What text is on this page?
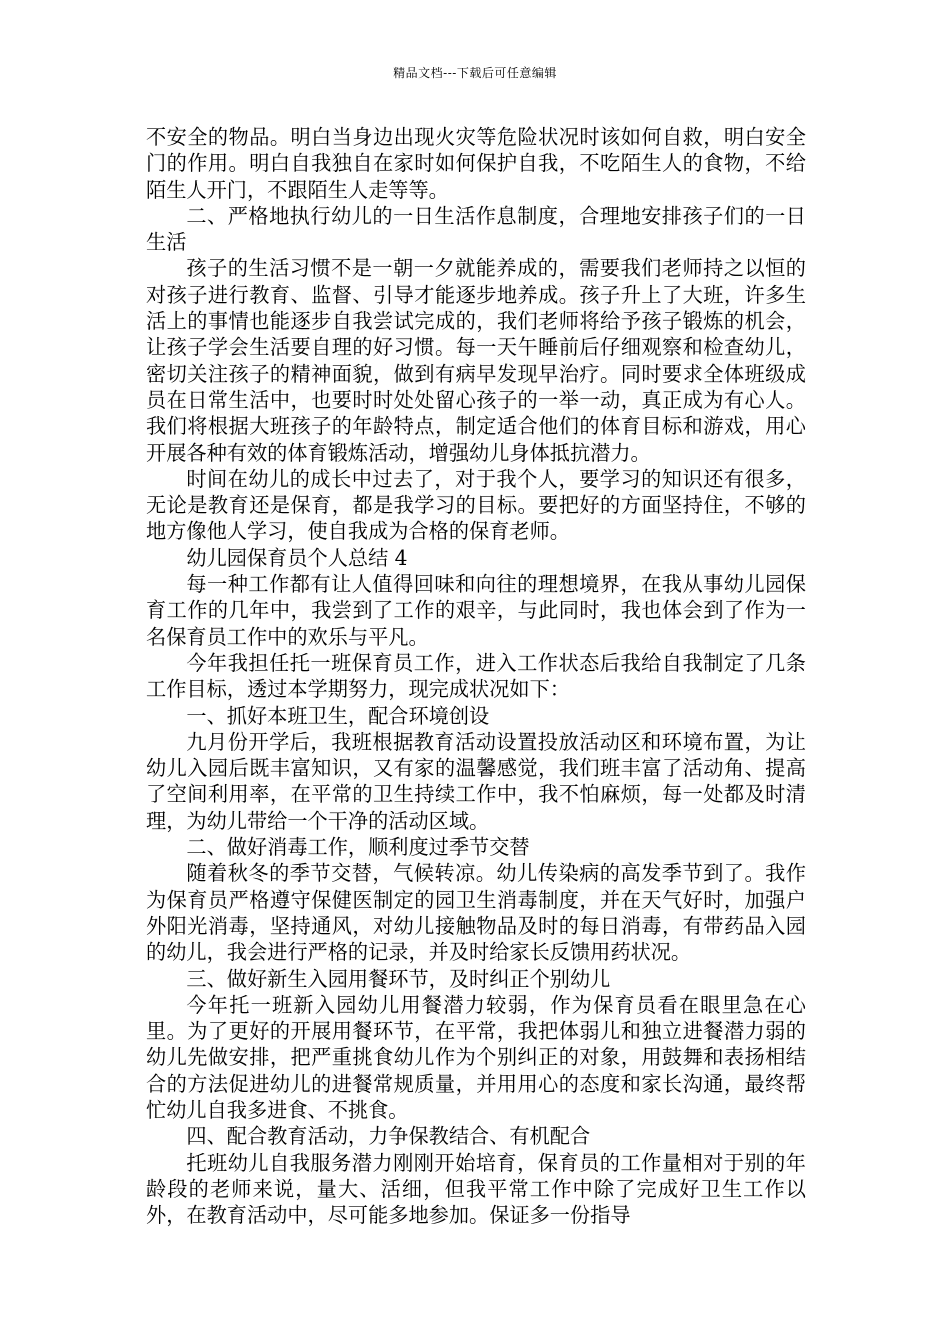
精品文档---下载后可任意编辑

不安全的物品。明白当身边出现火灾等危险状况时该如何自救，明白安全门的作用。明白自我独自在家时如何保护自我，不吃陌生人的食物，不给陌生人开门，不跟陌生人走等等。

二、严格地执行幼儿的一日生活作息制度，合理地安排孩子们的一日生活

孩子的生活习惯不是一朝一夕就能养成的，需要我们老师持之以恒的对孩子进行教育、监督、引导才能逐步地养成。孩子升上了大班，许多生活上的事情也能逐步自我尝试完成的，我们老师将给予孩子锻炼的机会，让孩子学会生活要自理的好习惯。每一天午睡前后仔细观察和检查幼儿，密切关注孩子的精神面貌，做到有病早发现早治疗。同时要求全体班级成员在日常生活中，也要时时处处留心孩子的一举一动，真正成为有心人。我们将根据大班孩子的年龄特点，制定适合他们的体育目标和游戏，用心开展各种有效的体育锻炼活动，增强幼儿身体抵抗潜力。

时间在幼儿的成长中过去了，对于我个人，要学习的知识还有很多，无论是教育还是保育，都是我学习的目标。要把好的方面坚持住，不够的地方像他人学习，使自我成为合格的保育老师。

幼儿园保育员个人总结 4

每一种工作都有让人值得回味和向往的理想境界，在我从事幼儿园保育工作的几年中，我尝到了工作的艰辛，与此同时，我也体会到了作为一名保育员工作中的欢乐与平凡。

今年我担任托一班保育员工作，进入工作状态后我给自我制定了几条工作目标，透过本学期努力，现完成状况如下：

一、抓好本班卫生，配合环境创设

九月份开学后，我班根据教育活动设置投放活动区和环境布置，为让幼儿入园后既丰富知识，又有家的温馨感觉，我们班丰富了活动角、提高了空间利用率，在平常的卫生持续工作中，我不怕麻烦，每一处都及时清理，为幼儿带给一个干净的活动区域。

二、做好消毒工作，顺利度过季节交替

随着秋冬的季节交替，气候转凉。幼儿传染病的高发季节到了。我作为保育员严格遵守保健医制定的园卫生消毒制度，并在天气好时，加强户外阳光消毒，坚持通风，对幼儿接触物品及时的每日消毒，有带药品入园的幼儿，我会进行严格的记录，并及时给家长反馈用药状况。

三、做好新生入园用餐环节，及时纠正个别幼儿

今年托一班新入园幼儿用餐潜力较弱，作为保育员看在眼里急在心里。为了更好的开展用餐环节，在平常，我把体弱儿和独立进餐潜力弱的幼儿先做安排，把严重挑食幼儿作为个别纠正的对象，用鼓舞和表扬相结合的方法促进幼儿的进餐常规质量，并用用心的态度和家长沟通，最终帮忙幼儿自我多进食、不挑食。

四、配合教育活动，力争保教结合、有机配合

托班幼儿自我服务潜力刚刚开始培育，保育员的工作量相对于别的年龄段的老师来说，量大、活细，但我平常工作中除了完成好卫生工作以外，在教育活动中，尽可能多地参加。保证多一份指导
